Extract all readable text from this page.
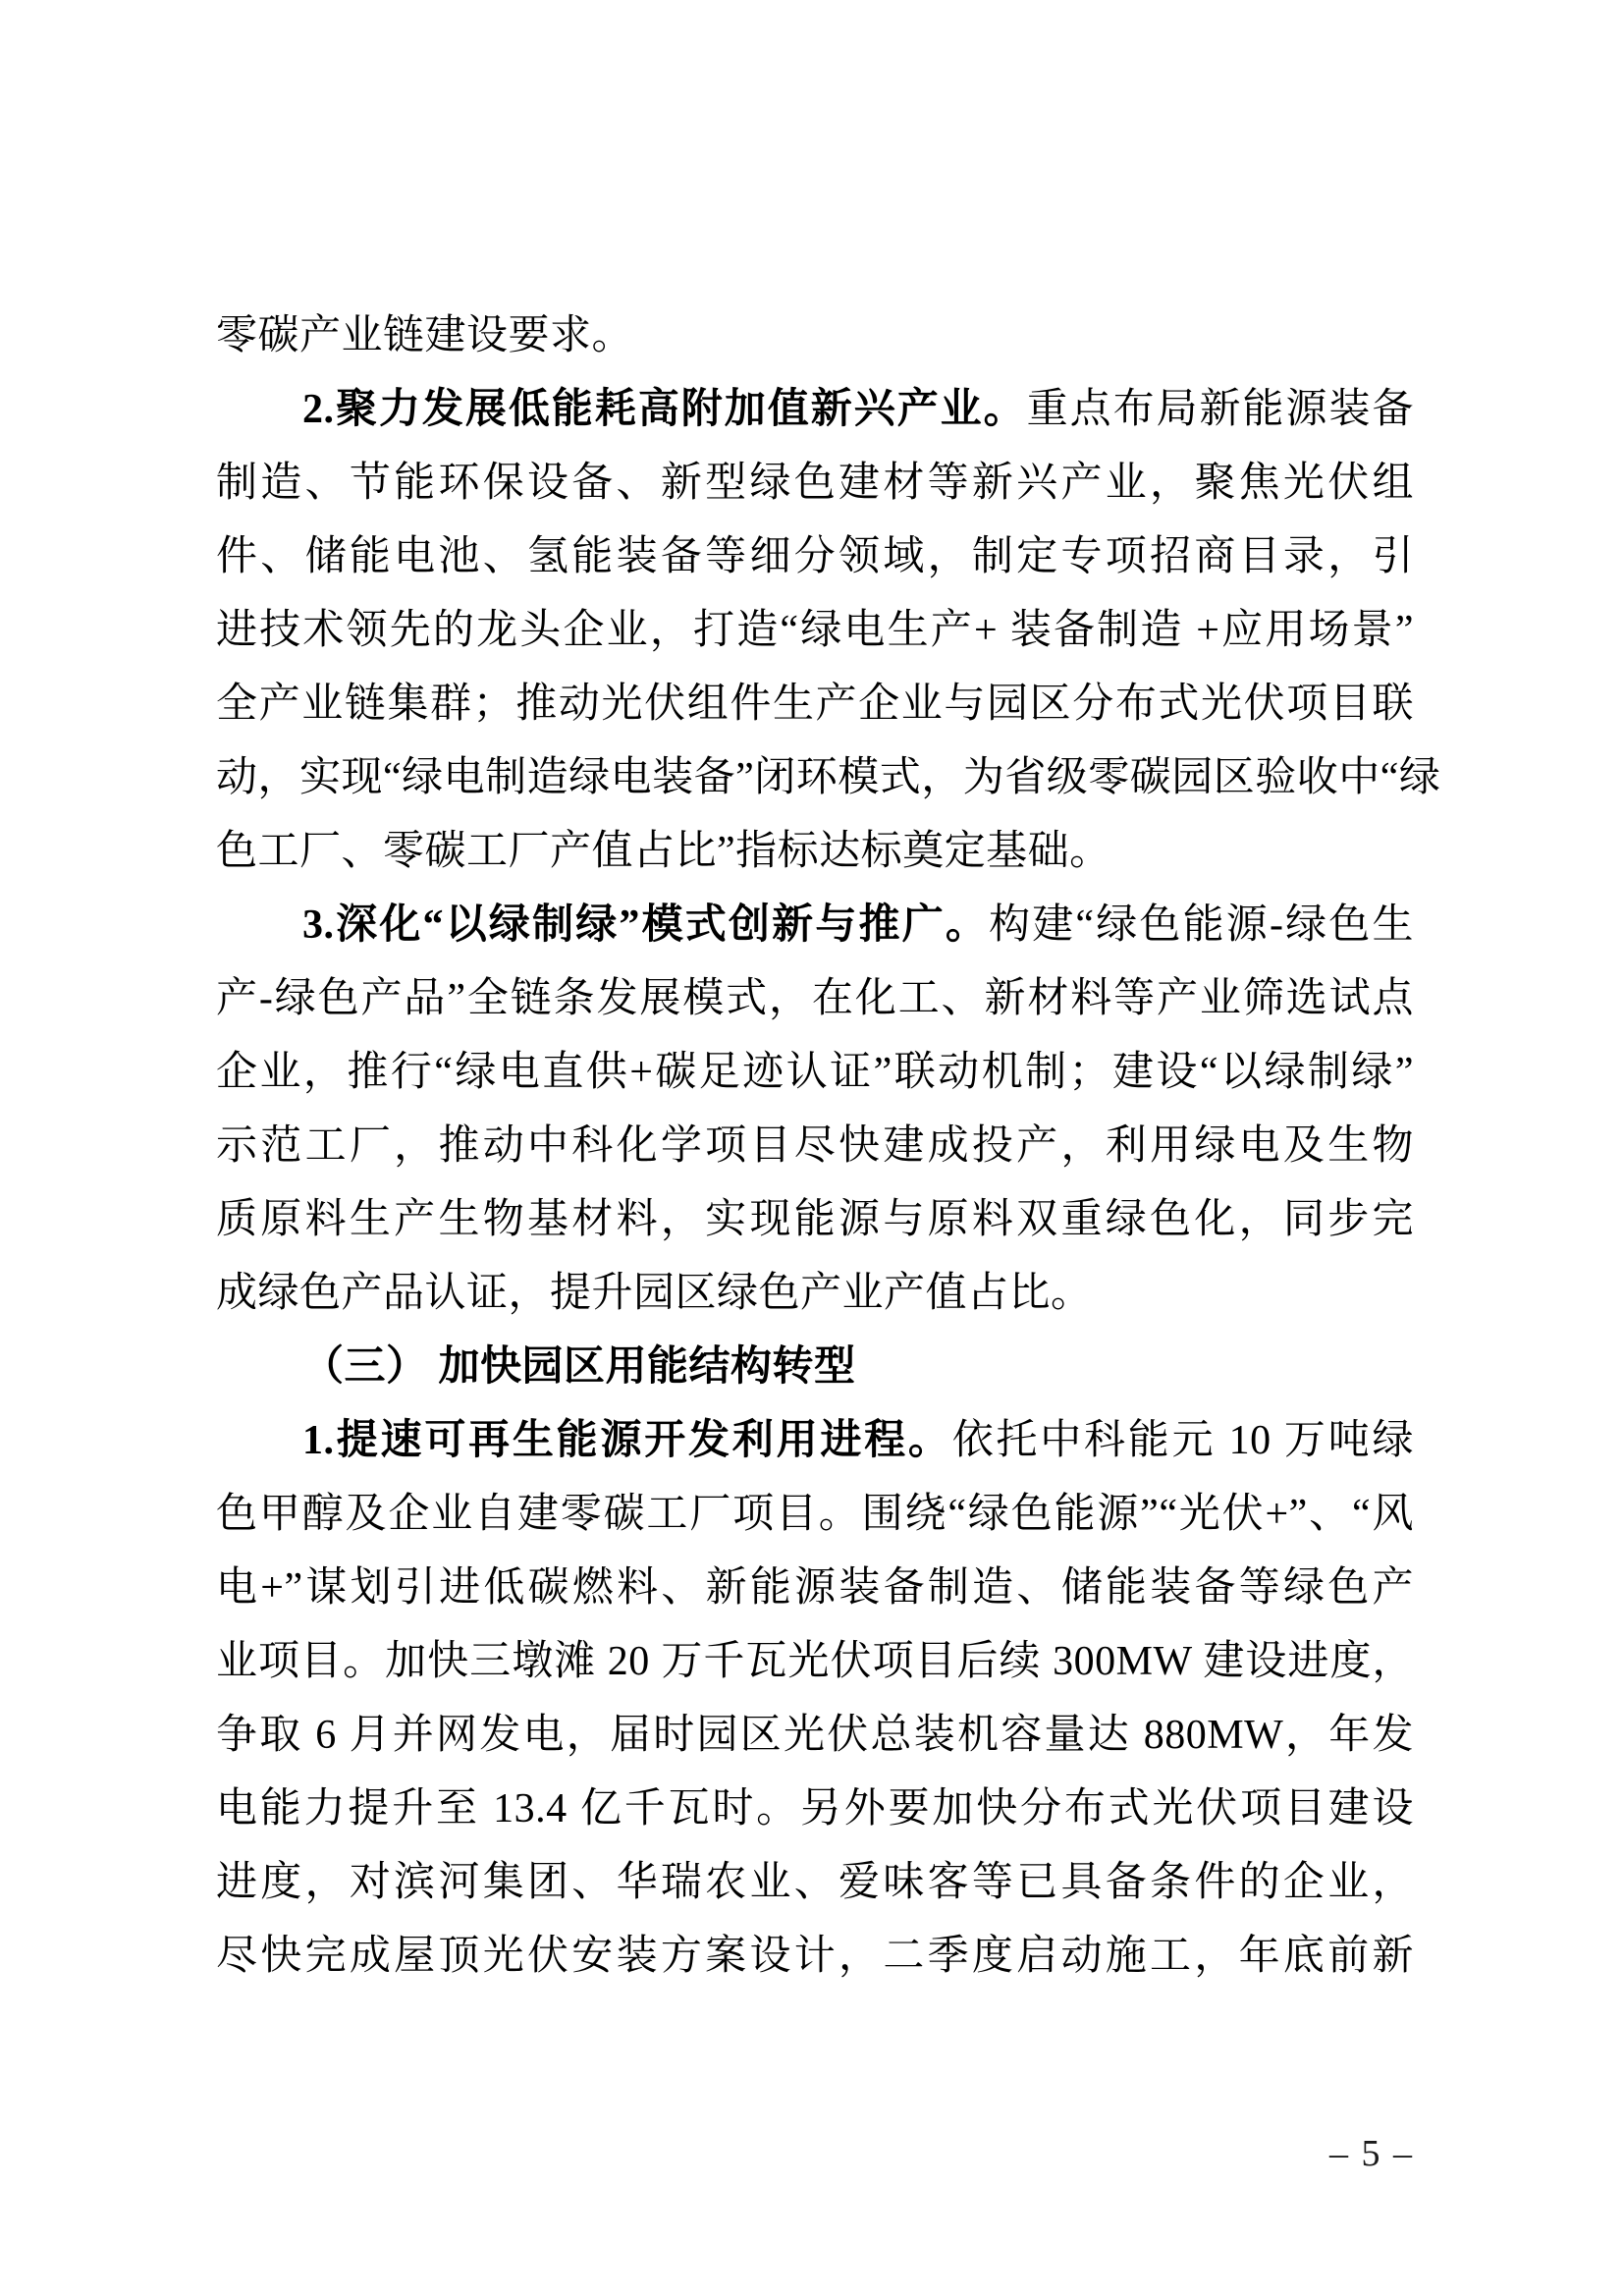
零碳产业链建设要求。
2.聚力发展低能耗高附加值新兴产业。重点布局新能源装备
制造、节能环保设备、新型绿色建材等新兴产业，聚焦光伏组
件、储能电池、氢能装备等细分领域，制定专项招商目录，引
进技术领先的龙头企业，打造“绿电生产+ 装备制造 +应用场景”
全产业链集群；推动光伏组件生产企业与园区分布式光伏项目联
动，实现“绿电制造绿电装备”闭环模式，为省级零碳园区验收中“绿
色工厂、零碳工厂产值占比”指标达标奠定基础。
3.深化“以绿制绿”模式创新与推广。构建“绿色能源-绿色生
产-绿色产品”全链条发展模式，在化工、新材料等产业筛选试点
企业，推行“绿电直供+碳足迹认证”联动机制；建设“以绿制绿”
示范工厂，推动中科化学项目尽快建成投产，利用绿电及生物
质原料生产生物基材料，实现能源与原料双重绿色化，同步完
成绿色产品认证，提升园区绿色产业产值占比。
（三） 加快园区用能结构转型
1.提速可再生能源开发利用进程。依托中科能元 10 万吨绿
色甲醇及企业自建零碳工厂项目。围绕“绿色能源”“光伏+”、“风
电+”谋划引进低碳燃料、新能源装备制造、储能装备等绿色产
业项目。加快三墩滩 20 万千瓦光伏项目后续 300MW 建设进度，
争取 6 月并网发电，届时园区光伏总装机容量达 880MW，年发
电能力提升至 13.4 亿千瓦时。另外要加快分布式光伏项目建设
进度，对滨河集团、华瑞农业、爱味客等已具备条件的企业，
尽快完成屋顶光伏安装方案设计，二季度启动施工，年底前新
– 5 –
